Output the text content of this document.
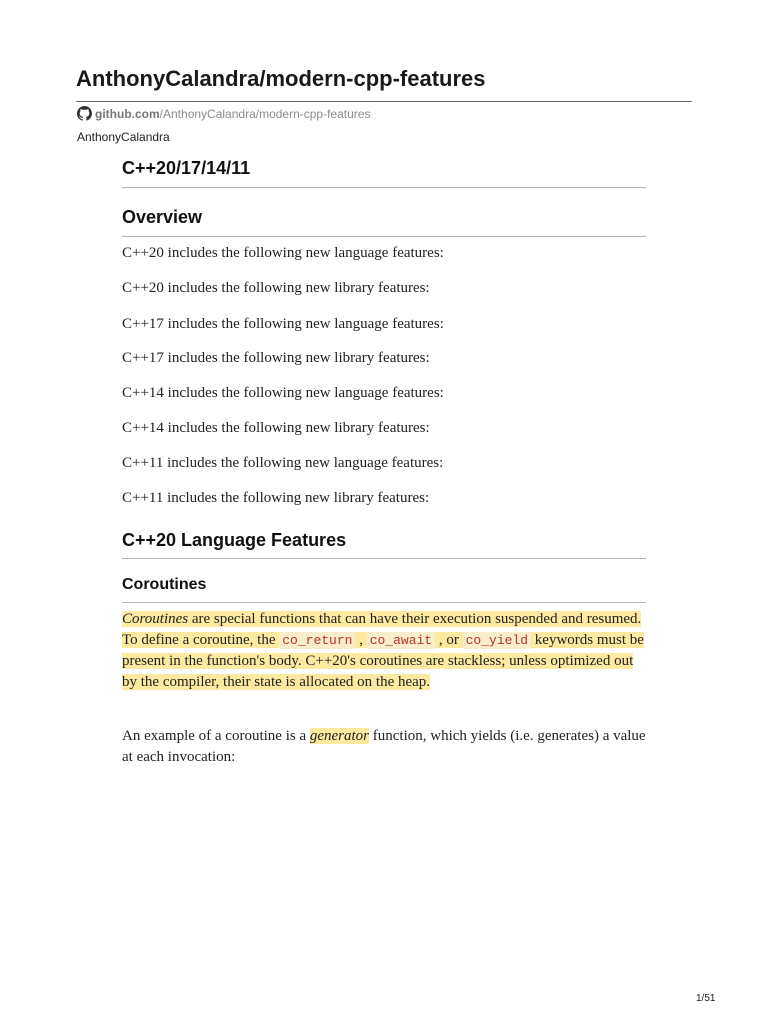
AnthonyCalandra/modern-cpp-features
github.com /AnthonyCalandra/modern-cpp-features
AnthonyCalandra
C++20/17/14/11
Overview

C++20 includes the following new language features:

C++20 includes the following new library features:

C++17 includes the following new language features:

C++17 includes the following new library features:

C++14 includes the following new language features:

C++14 includes the following new library features:

C++11 includes the following new language features:

C++11 includes the following new library features:

C++20 Language Features
Coroutines

Coroutines are special functions that can have their execution suspended and resumed. To define a coroutine, the co_return , co_await , or co_yield keywords must be present in the function's body. C++20's coroutines are stackless; unless optimized out by the compiler, their state is allocated on the heap.

An example of a coroutine is a generator function, which yields (i.e. generates) a value at each invocation:

1/51
